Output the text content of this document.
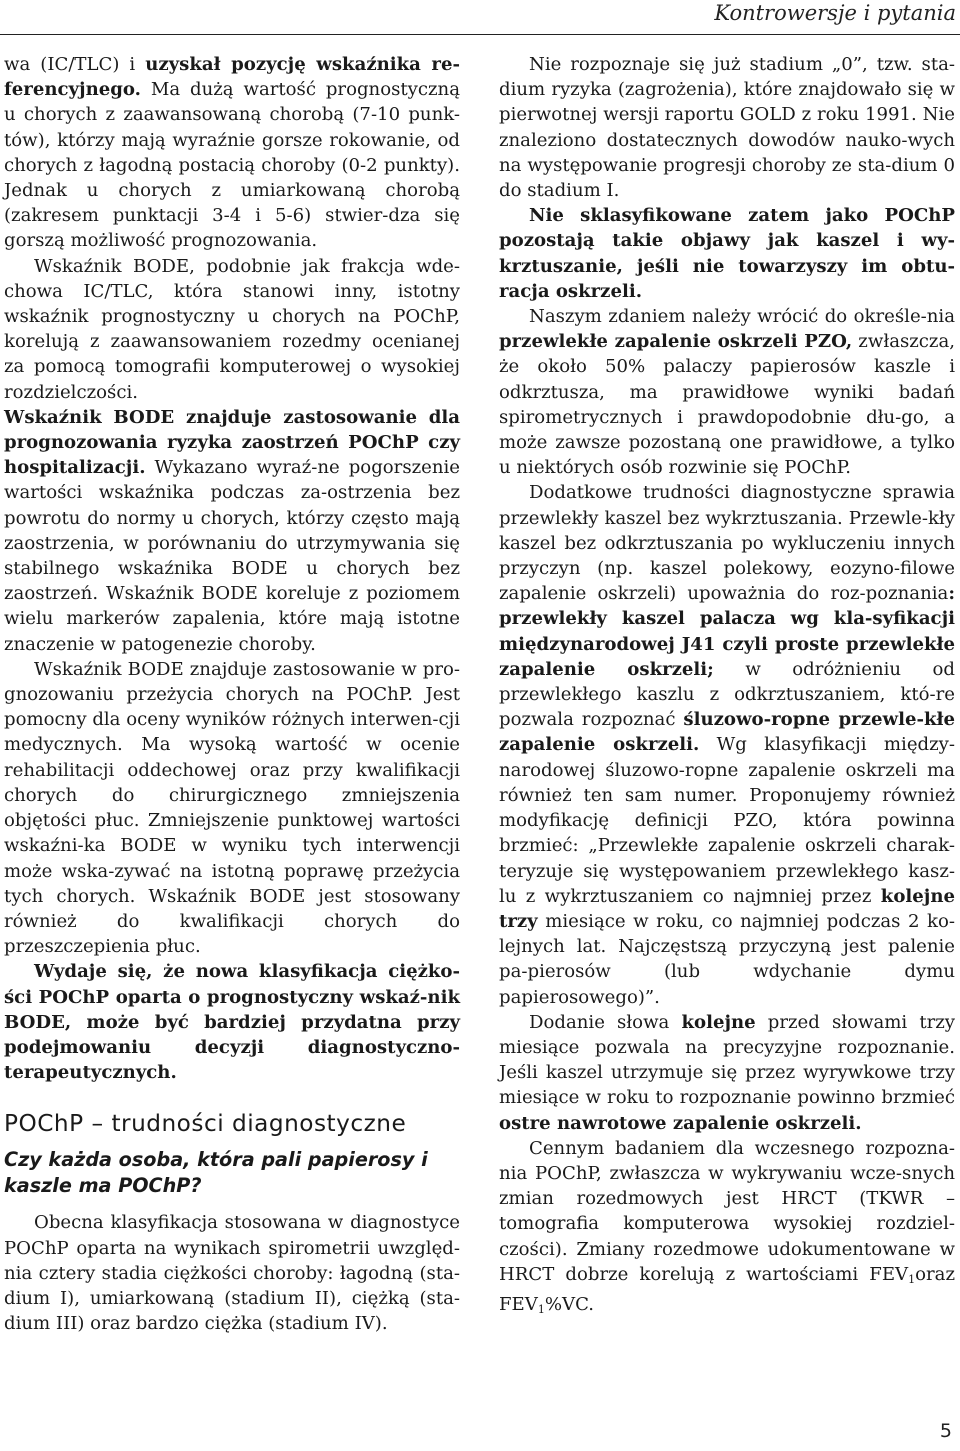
Kontrowersje i pytania

wa (IC/TLC) i uzyskał pozycję wskaźnika re-ferencyjnego. Ma dużą wartość prognostyczną u chorych z zaawansowaną chorobą (7-10 punk-tów), którzy mają wyraźnie gorsze rokowanie, od chorych z łagodną postacią choroby (0-2 punkty). Jednak u chorych z umiarkowaną chorobą (zakresem punktacji 3-4 i 5-6) stwier-dza się gorszą możliwość prognozowania.

Wskaźnik BODE, podobnie jak frakcja wde-chowa IC/TLC, która stanowi inny, istotny wskaźnik prognostyczny u chorych na POChP, korelują z zaawansowaniem rozedmy ocenianej za pomocą tomografii komputerowej o wysokiej rozdzielczości.

Wskaźnik BODE znajduje zastosowanie dla prognozowania ryzyka zaostrzeń POChP czy hospitalizacji. Wykazano wyraź-ne pogorszenie wartości wskaźnika podczas za-ostrzenia bez powrotu do normy u chorych, którzy często mają zaostrzenia, w porównaniu do utrzymywania się stabilnego wskaźnika BODE u chorych bez zaostrzeń. Wskaźnik BODE koreluje z poziomem wielu markerów zapalenia, które mają istotne znaczenie w patogenezie choroby.

Wskaźnik BODE znajduje zastosowanie w pro-gnozowaniu przeżycia chorych na POChP. Jest pomocny dla oceny wyników różnych interwen-cji medycznych. Ma wysoką wartość w ocenie rehabilitacji oddechowej oraz przy kwalifikacji chorych do chirurgicznego zmniejszenia objętości płuc. Zmniejszenie punktowej wartości wskaźni-ka BODE w wyniku tych interwencji może wska-zywać na istotną poprawę przeżycia tych chorych. Wskaźnik BODE jest stosowany również do kwalifikacji chorych do przeszczepienia płuc.

Wydaje się, że nowa klasyfikacja ciężko-ści POChP oparta o prognostyczny wskaź-nik BODE, może być bardziej przydatna przy podejmowaniu decyzji diagnostyczno-terapeutycznych.

POChP – trudności diagnostyczne
Czy każda osoba, która pali papierosy i kaszle ma POChP?

Obecna klasyfikacja stosowana w diagnostyce POChP oparta na wynikach spirometrii uwzględ-nia cztery stadia ciężkości choroby: łagodną (sta-dium I), umiarkowaną (stadium II), ciężką (sta-dium III) oraz bardzo ciężka (stadium IV).

Nie rozpoznaje się już stadium „0”, tzw. sta-dium ryzyka (zagrożenia), które znajdowało się w pierwotnej wersji raportu GOLD z roku 1991. Nie znaleziono dostatecznych dowodów nauko-wych na występowanie progresji choroby ze sta-dium 0 do stadium I.

Nie sklasyfikowane zatem jako POChP pozostają takie objawy jak kaszel i wy-krztuszanie, jeśli nie towarzyszy im obtu-racja oskrzeli.

Naszym zdaniem należy wrócić do określe-nia przewlekłe zapalenie oskrzeli PZO, zwłaszcza, że około 50% palaczy papierosów kaszle i odkrztusza, ma prawidłowe wyniki badań spirometrycznych i prawdopodobnie dłu-go, a może zawsze pozostaną one prawidłowe, a tylko u niektórych osób rozwinie się POChP.

Dodatkowe trudności diagnostyczne sprawia przewlekły kaszel bez wykrztuszania. Przewle-kły kaszel bez odkrztuszania po wykluczeniu innych przyczyn (np. kaszel polekowy, eozyno-filowe zapalenie oskrzeli) upoważnia do roz-poznania: przewlekły kaszel palacza wg kla-syfikacji międzynarodowej J41 czyli proste przewlekłe zapalenie oskrzeli; w odróżnieniu od przewlekłego kaszlu z odkrztuszaniem, któ-re pozwala rozpoznać śluzowo-ropne przewle-kłe zapalenie oskrzeli. Wg klasyfikacji między-narodowej śluzowo-ropne zapalenie oskrzeli ma również ten sam numer. Proponujemy również modyfikację definicji PZO, która powinna brzmieć: „Przewlekłe zapalenie oskrzeli charak-teryzuje się występowaniem przewlekłego kasz-lu z wykrztuszaniem co najmniej przez kolejne trzy miesiące w roku, co najmniej podczas 2 ko-lejnych lat. Najczęstszą przyczyną jest palenie pa-pierosów (lub wdychanie dymu papierosowego)”.

Dodanie słowa kolejne przed słowami trzy miesiące pozwala na precyzyjne rozpoznanie. Jeśli kaszel utrzymuje się przez wyrywkowe trzy miesiące w roku to rozpoznanie powinno brzmieć ostre nawrotowe zapalenie oskrzeli.

Cennym badaniem dla wczesnego rozpozna-nia POChP, zwłaszcza w wykrywaniu wcze-snych zmian rozedmowych jest HRCT (TKWR – tomografia komputerowa wysokiej rozdziel-czości). Zmiany rozedmowe udokumentowane w HRCT dobrze korelują z wartościami $FEV_1oraz$ $FEV_1\%VC$.

5
